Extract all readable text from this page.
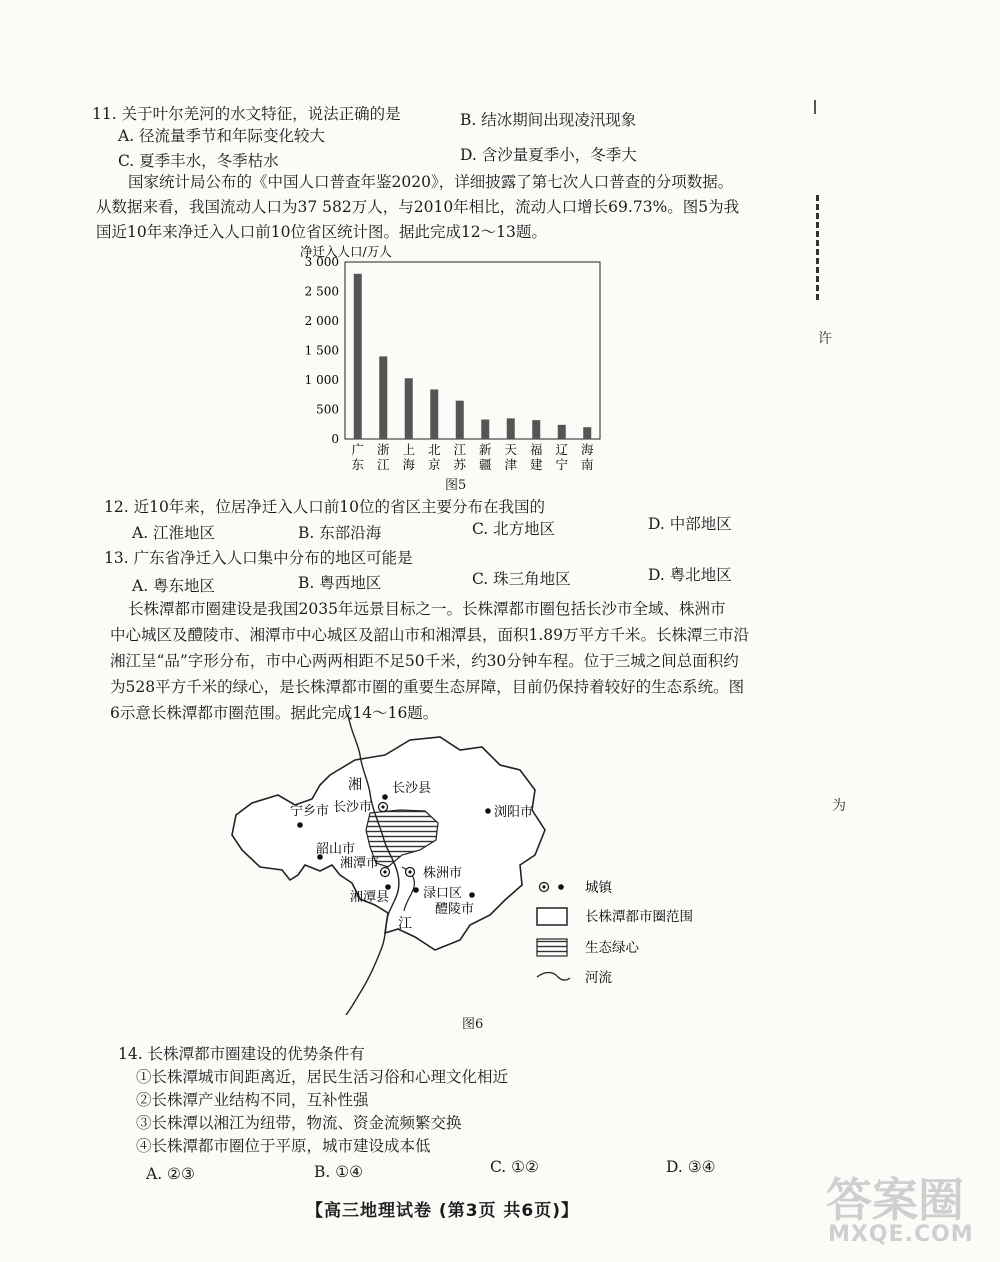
11. 关于叶尔羌河的水文特征，说法正确的是
A. 径流量季节和年际变化较大
B. 结冰期间出现凌汛现象
C. 夏季丰水，冬季枯水	D. 含沙量夏季小，冬季大
国家统计局公布的《中国人口普查年鉴2020》，详细披露了第七次人口普查的分项数据。
从数据来看，我国流动人口为37 582万人，与2010年相比，流动人口增长69.73%。图5为我
国近10年来净迁入人口前10位省区统计图。据此完成12～13题。
净迁入人口/万人
0
500
1 000
1 500
2 000
2 500
3 000
广
东
浙
江
上
海
北
京
江
苏
新
疆
天
津
福
建
辽
宁
海
南
图5
12. 近10年来，位居净迁入人口前10位的省区主要分布在我国的
A. 江淮地区	B. 东部沿海	C. 北方地区	D. 中部地区
13. 广东省净迁入人口集中分布的地区可能是
A. 粤东地区	B. 粤西地区	C. 珠三角地区	D. 粤北地区
长株潭都市圈建设是我国2035年远景目标之一。长株潭都市圈包括长沙市全域、株洲市
中心城区及醴陵市、湘潭市中心城区及韶山市和湘潭县，面积1.89万平方千米。长株潭三市沿
湘江呈“品”字形分布，市中心两两相距不足50千米，约30分钟车程。位于三城之间总面积约
为528平方千米的绿心，是长株潭都市圈的重要生态屏障，目前仍保持着较好的生态系统。图
6示意长株潭都市圈范围。据此完成14～16题。
湘 长沙县
宁乡市 长沙市	浏阳市
韶山市
湘潭市
株洲市
渌口区
湘潭县
醴陵市
江
城镇
长株潭都市圈范围
生态绿心
河流
图6
14. 长株潭都市圈建设的优势条件有
①长株潭城市间距离近，居民生活习俗和心理文化相近
②长株潭产业结构不同，互补性强
③长株潭以湘江为纽带，物流、资金流频繁交换
④长株潭都市圈位于平原，城市建设成本低
A. ②③	B. ①④	C. ①②	D. ③④
【高三地理试卷 (第3页 共6页)】
许
为
答案圈
MXQE.COM
